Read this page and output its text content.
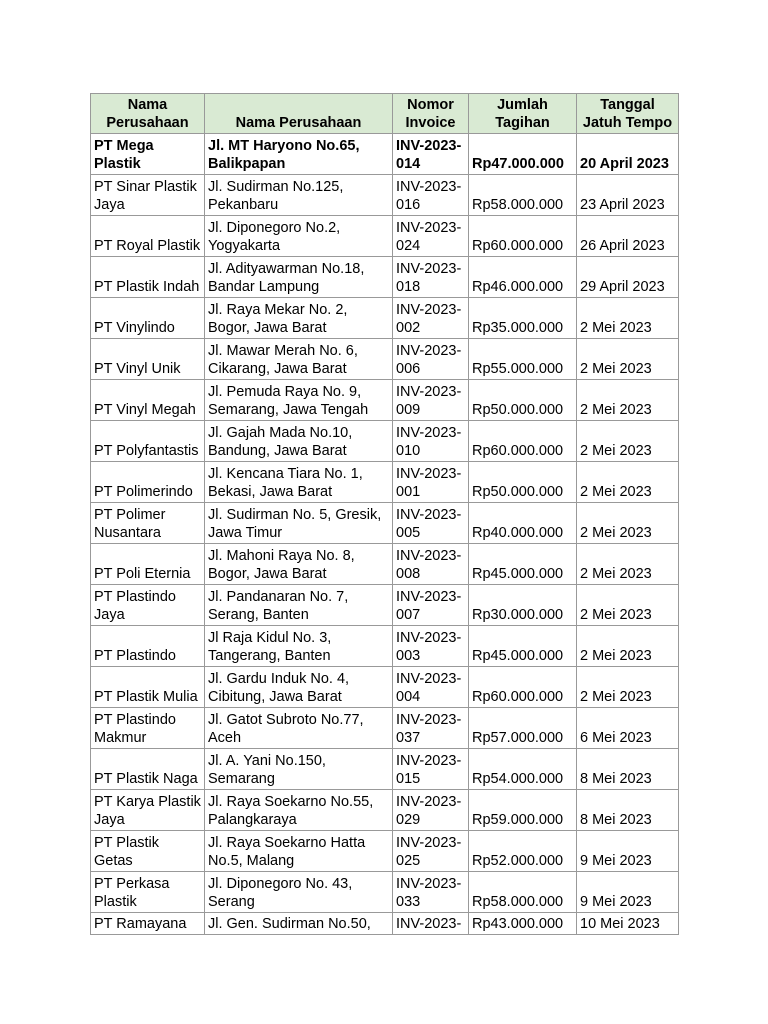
Nama Perusahaan	Nama Perusahaan	Nomor Invoice	Jumlah Tagihan	Tanggal Jatuh Tempo

PT Mega Plastik	Jl. MT Haryono No.65, Balikpapan	INV-2023-014	Rp47.000.000	20 April 2023

PT Sinar Plastik Jaya	Jl. Sudirman No.125, Pekanbaru	INV-2023-016	Rp58.000.000	23 April 2023

PT Royal Plastik	Jl. Diponegoro No.2, Yogyakarta	INV-2023-024	Rp60.000.000	26 April 2023

PT Plastik Indah	Jl. Adityawarman No.18, Bandar Lampung	INV-2023-018	Rp46.000.000	29 April 2023

PT Vinylindo	Jl. Raya Mekar No. 2, Bogor, Jawa Barat	INV-2023-002	Rp35.000.000	2 Mei 2023

PT Vinyl Unik	Jl. Mawar Merah No. 6, Cikarang, Jawa Barat	INV-2023-006	Rp55.000.000	2 Mei 2023

PT Vinyl Megah	Jl. Pemuda Raya No. 9, Semarang, Jawa Tengah	INV-2023-009	Rp50.000.000	2 Mei 2023

PT Polyfantastis	Jl. Gajah Mada No.10, Bandung, Jawa Barat	INV-2023-010	Rp60.000.000	2 Mei 2023

PT Polimerindo	Jl. Kencana Tiara No. 1, Bekasi, Jawa Barat	INV-2023-001	Rp50.000.000	2 Mei 2023

PT Polimer Nusantara	Jl. Sudirman No. 5, Gresik, Jawa Timur	INV-2023-005	Rp40.000.000	2 Mei 2023

PT Poli Eternia	Jl. Mahoni Raya No. 8, Bogor, Jawa Barat	INV-2023-008	Rp45.000.000	2 Mei 2023

PT Plastindo Jaya	Jl. Pandanaran No. 7, Serang, Banten	INV-2023-007	Rp30.000.000	2 Mei 2023

PT Plastindo	Jl Raja Kidul No. 3, Tangerang, Banten	INV-2023-003	Rp45.000.000	2 Mei 2023

PT Plastik Mulia	Jl. Gardu Induk No. 4, Cibitung, Jawa Barat	INV-2023-004	Rp60.000.000	2 Mei 2023

PT Plastindo Makmur	Jl. Gatot Subroto No.77, Aceh	INV-2023-037	Rp57.000.000	6 Mei 2023

PT Plastik Naga	Jl. A. Yani No.150, Semarang	INV-2023-015	Rp54.000.000	8 Mei 2023

PT Karya Plastik Jaya	Jl. Raya Soekarno No.55, Palangkaraya	INV-2023-029	Rp59.000.000	8 Mei 2023

PT Plastik Getas	Jl. Raya Soekarno Hatta No.5, Malang	INV-2023-025	Rp52.000.000	9 Mei 2023

PT Perkasa Plastik	Jl. Diponegoro No. 43, Serang	INV-2023-033	Rp58.000.000	9 Mei 2023

PT Ramayana	Jl. Gen. Sudirman No.50,	INV-2023-	Rp43.000.000	10 Mei 2023
